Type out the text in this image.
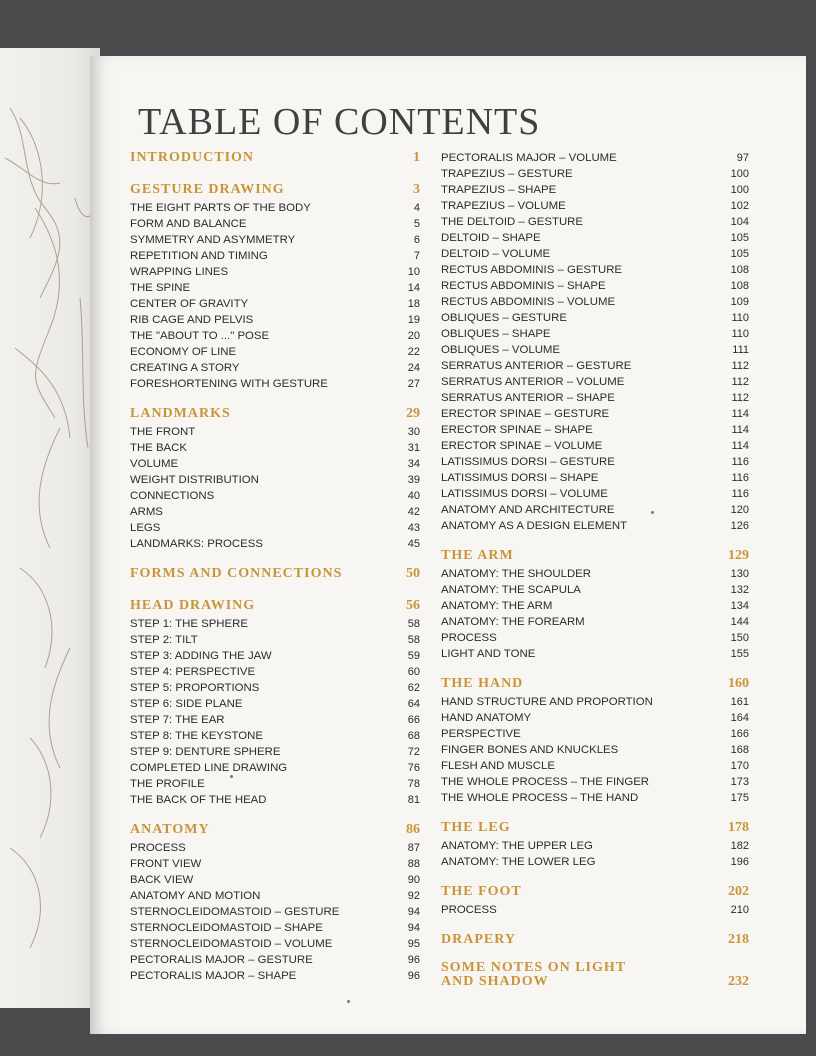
TABLE OF CONTENTS
INTRODUCTION	1
GESTURE DRAWING	3
THE EIGHT PARTS OF THE BODY	4
FORM AND BALANCE	5
SYMMETRY AND ASYMMETRY	6
REPETITION AND TIMING	7
WRAPPING LINES	10
THE SPINE	14
CENTER OF GRAVITY	18
RIB CAGE AND PELVIS	19
THE "ABOUT TO ..." POSE	20
ECONOMY OF LINE	22
CREATING A STORY	24
FORESHORTENING WITH GESTURE	27
LANDMARKS	29
THE FRONT	30
THE BACK	31
VOLUME	34
WEIGHT DISTRIBUTION	39
CONNECTIONS	40
ARMS	42
LEGS	43
LANDMARKS: PROCESS	45
FORMS AND CONNECTIONS	50
HEAD DRAWING	56
STEP 1: THE SPHERE	58
STEP 2: TILT	58
STEP 3: ADDING THE JAW	59
STEP 4: PERSPECTIVE	60
STEP 5: PROPORTIONS	62
STEP 6: SIDE PLANE	64
STEP 7: THE EAR	66
STEP 8: THE KEYSTONE	68
STEP 9: DENTURE SPHERE	72
COMPLETED LINE DRAWING	76
THE PROFILE	78
THE BACK OF THE HEAD	81
ANATOMY	86
PROCESS	87
FRONT VIEW	88
BACK VIEW	90
ANATOMY AND MOTION	92
STERNOCLEIDOMASTOID – GESTURE	94
STERNOCLEIDOMASTOID – SHAPE	94
STERNOCLEIDOMASTOID – VOLUME	95
PECTORALIS MAJOR – GESTURE	96
PECTORALIS MAJOR – SHAPE	96
PECTORALIS MAJOR – VOLUME	97
TRAPEZIUS – GESTURE	100
TRAPEZIUS – SHAPE	100
TRAPEZIUS – VOLUME	102
THE DELTOID – GESTURE	104
DELTOID – SHAPE	105
DELTOID – VOLUME	105
RECTUS ABDOMINIS – GESTURE	108
RECTUS ABDOMINIS – SHAPE	108
RECTUS ABDOMINIS – VOLUME	109
OBLIQUES – GESTURE	110
OBLIQUES – SHAPE	110
OBLIQUES – VOLUME	111
SERRATUS ANTERIOR – GESTURE	112
SERRATUS ANTERIOR – VOLUME	112
SERRATUS ANTERIOR – SHAPE	112
ERECTOR SPINAE – GESTURE	114
ERECTOR SPINAE – SHAPE	114
ERECTOR SPINAE – VOLUME	114
LATISSIMUS DORSI – GESTURE	116
LATISSIMUS DORSI – SHAPE	116
LATISSIMUS DORSI – VOLUME	116
ANATOMY AND ARCHITECTURE	120
ANATOMY AS A DESIGN ELEMENT	126
THE ARM	129
ANATOMY: THE SHOULDER	130
ANATOMY: THE SCAPULA	132
ANATOMY: THE ARM	134
ANATOMY: THE FOREARM	144
PROCESS	150
LIGHT AND TONE	155
THE HAND	160
HAND STRUCTURE AND PROPORTION	161
HAND ANATOMY	164
PERSPECTIVE	166
FINGER BONES AND KNUCKLES	168
FLESH AND MUSCLE	170
THE WHOLE PROCESS – THE FINGER	173
THE WHOLE PROCESS – THE HAND	175
THE LEG	178
ANATOMY: THE UPPER LEG	182
ANATOMY: THE LOWER LEG	196
THE FOOT	202
PROCESS	210
DRAPERY	218
SOME NOTES ON LIGHT
AND SHADOW	232
